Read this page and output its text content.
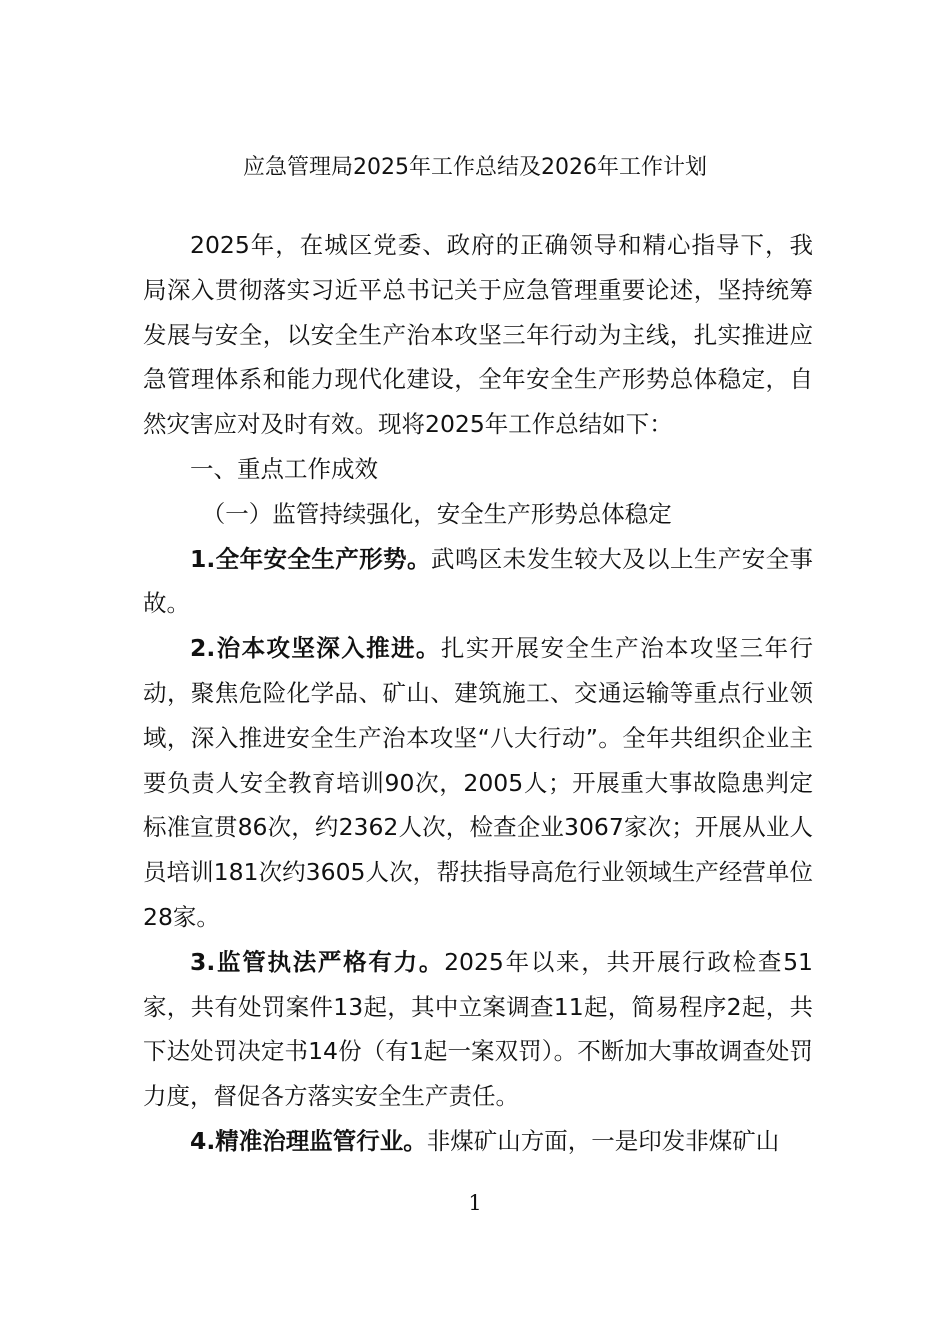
应急管理局2025年工作总结及2026年工作计划

2025年，在城区党委、政府的正确领导和精心指导下，我局深入贯彻落实习近平总书记关于应急管理重要论述，坚持统筹发展与安全，以安全生产治本攻坚三年行动为主线，扎实推进应急管理体系和能力现代化建设，全年安全生产形势总体稳定，自然灾害应对及时有效。现将2025年工作总结如下：

一、重点工作成效

（一）监管持续强化，安全生产形势总体稳定

1.全年安全生产形势。武鸣区未发生较大及以上生产安全事故。

2.治本攻坚深入推进。扎实开展安全生产治本攻坚三年行动，聚焦危险化学品、矿山、建筑施工、交通运输等重点行业领域，深入推进安全生产治本攻坚“八大行动”。全年共组织企业主要负责人安全教育培训90次，2005人；开展重大事故隐患判定标准宣贯86次，约2362人次，检查企业3067家次；开展从业人员培训181次约3605人次，帮扶指导高危行业领域生产经营单位28家。

3.监管执法严格有力。2025年以来，共开展行政检查51家，共有处罚案件13起，其中立案调查11起，简易程序2起，共下达处罚决定书14份（有1起一案双罚）。不断加大事故调查处罚力度，督促各方落实安全生产责任。

4.精准治理监管行业。非煤矿山方面，一是印发非煤矿山

1
